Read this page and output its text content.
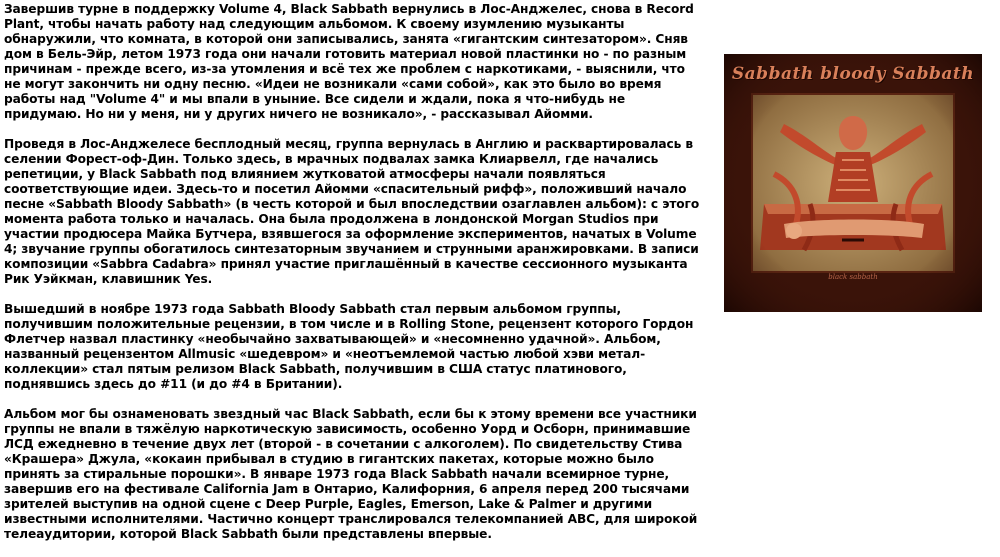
Завершив турне в поддержку Volume 4, Black Sabbath вернулись в Лос-Анджелес, снова в Record Plant, чтобы начать работу над следующим альбомом. К своему изумлению музыканты обнаружили, что комната, в которой они записывались, занята «гигантским синтезатором». Сняв дом в Бель-Эйр, летом 1973 года они начали готовить материал новой пластинки но - по разным причинам - прежде всего, из-за утомления и всё тех же проблем с наркотиками, - выяснили, что не могут закончить ни одну песню. «Идеи не возникали «сами собой», как это было во время работы над "Volume 4" и мы впали в уныние. Все сидели и ждали, пока я что-нибудь не придумаю. Но ни у меня, ни у других ничего не возникало», - рассказывал Айомми.

Проведя в Лос-Анджелесе бесплодный месяц, группа вернулась в Англию и расквартировалась в селении Форест-оф-Дин. Только здесь, в мрачных подвалах замка Клиарвелл, где начались репетиции, у Black Sabbath под влиянием жутковатой атмосферы начали появляться соответствующие идеи. Здесь-то и посетил Айомми «спасительный рифф», положивший начало песне «Sabbath Bloody Sabbath» (в честь которой и был впоследствии озаглавлен альбом): с этого момента работа только и началась. Она была продолжена в лондонской Morgan Studios при участии продюсера Майка Бутчера, взявшегося за оформление экспериментов, начатых в Volume 4; звучание группы обогатилось синтезаторным звучанием и струнными аранжировками. В записи композиции «Sabbra Cadabra» принял участие приглашённый в качестве сессионного музыканта Рик Уэйкман, клавишник Yes.

Вышедший в ноябре 1973 года Sabbath Bloody Sabbath стал первым альбомом группы, получившим положительные рецензии, в том числе и в Rolling Stone, рецензент которого Гордон Флетчер назвал пластинку «необычайно захватывающей» и «несомненно удачной». Альбом, названный рецензентом Allmusic «шедевром» и «неотъемлемой частью любой хэви метал-коллекции» стал пятым релизом Black Sabbath, получившим в США статус платинового, поднявшись здесь до #11 (и до #4 в Британии).

Альбом мог бы ознаменовать звездный час Black Sabbath, если бы к этому времени все участники группы не впали в тяжёлую наркотическую зависимость, особенно Уорд и Осборн, принимавшие ЛСД ежедневно в течение двух лет (второй - в сочетании с алкоголем). По свидетельству Стива «Крашера» Джула, «кокаин прибывал в студию в гигантских пакетах, которые можно было принять за стиральные порошки». В январе 1973 года Black Sabbath начали всемирное турне, завершив его на фестивале California Jam в Онтарио, Калифорния, 6 апреля перед 200 тысячами зрителей выступив на одной сцене с Deep Purple, Eagles, Emerson, Lake & Palmer и другими известными исполнителями. Частично концерт транслировался телекомпанией ABC, для широкой телеаудитории, которой Black Sabbath были представлены впервые.

Sabbath bloody Sabbath
black sabbath
